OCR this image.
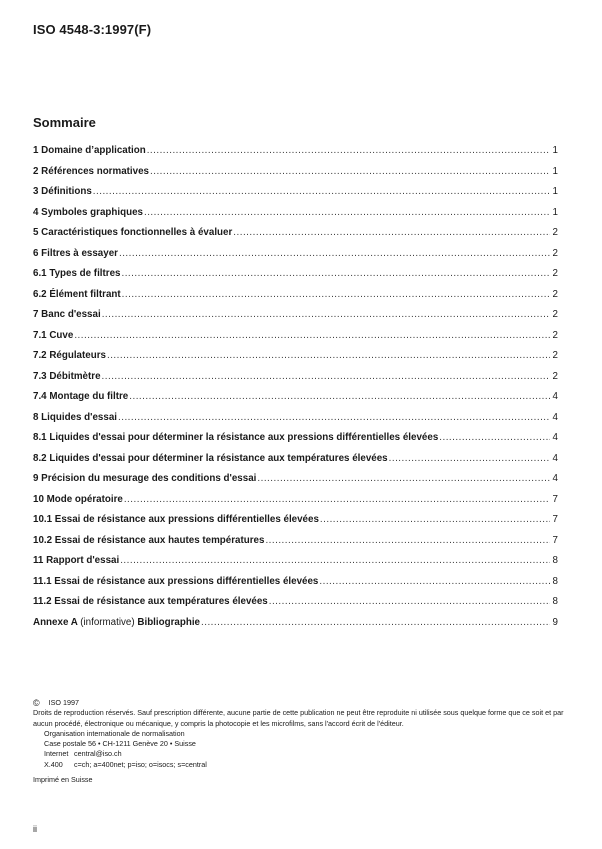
ISO 4548-3:1997(F)
Sommaire
1 Domaine d’application .....	1
2 Références normatives .....	1
3 Définitions .....	1
4 Symboles graphiques .....	1
5 Caractéristiques fonctionnelles à évaluer .....	2
6 Filtres à essayer .....	2
6.1 Types de filtres .....	2
6.2 Élément filtrant .....	2
7 Banc d'essai .....	2
7.1 Cuve .....	2
7.2 Régulateurs .....	2
7.3 Débitmètre .....	2
7.4 Montage du filtre .....	4
8 Liquides d'essai .....	4
8.1 Liquides d'essai pour déterminer la résistance aux pressions différentielles élevées .....	4
8.2 Liquides d'essai pour déterminer la résistance aux températures élevées .....	4
9 Précision du mesurage des conditions d'essai .....	4
10 Mode opératoire .....	7
10.1 Essai de résistance aux pressions différentielles élevées .....	7
10.2 Essai de résistance aux hautes températures .....	7
11 Rapport d'essai .....	8
11.1 Essai de résistance aux pressions différentielles élevées .....	8
11.2 Essai de résistance aux températures élevées .....	8
Annexe A (informative) Bibliographie .....	9
© ISO 1997
Droits de reproduction réservés. Sauf prescription différente, aucune partie de cette publication ne peut être reproduite ni utilisée sous quelque forme que ce soit et par aucun procédé, électronique ou mécanique, y compris la photocopie et les microfilms, sans l'accord écrit de l'éditeur.
Organisation internationale de normalisation
Case postale 56 • CH-1211 Genève 20 • Suisse
Internet central@iso.ch
X.400	c=ch; a=400net; p=iso; o=isocs; s=central
Imprimé en Suisse
ii
